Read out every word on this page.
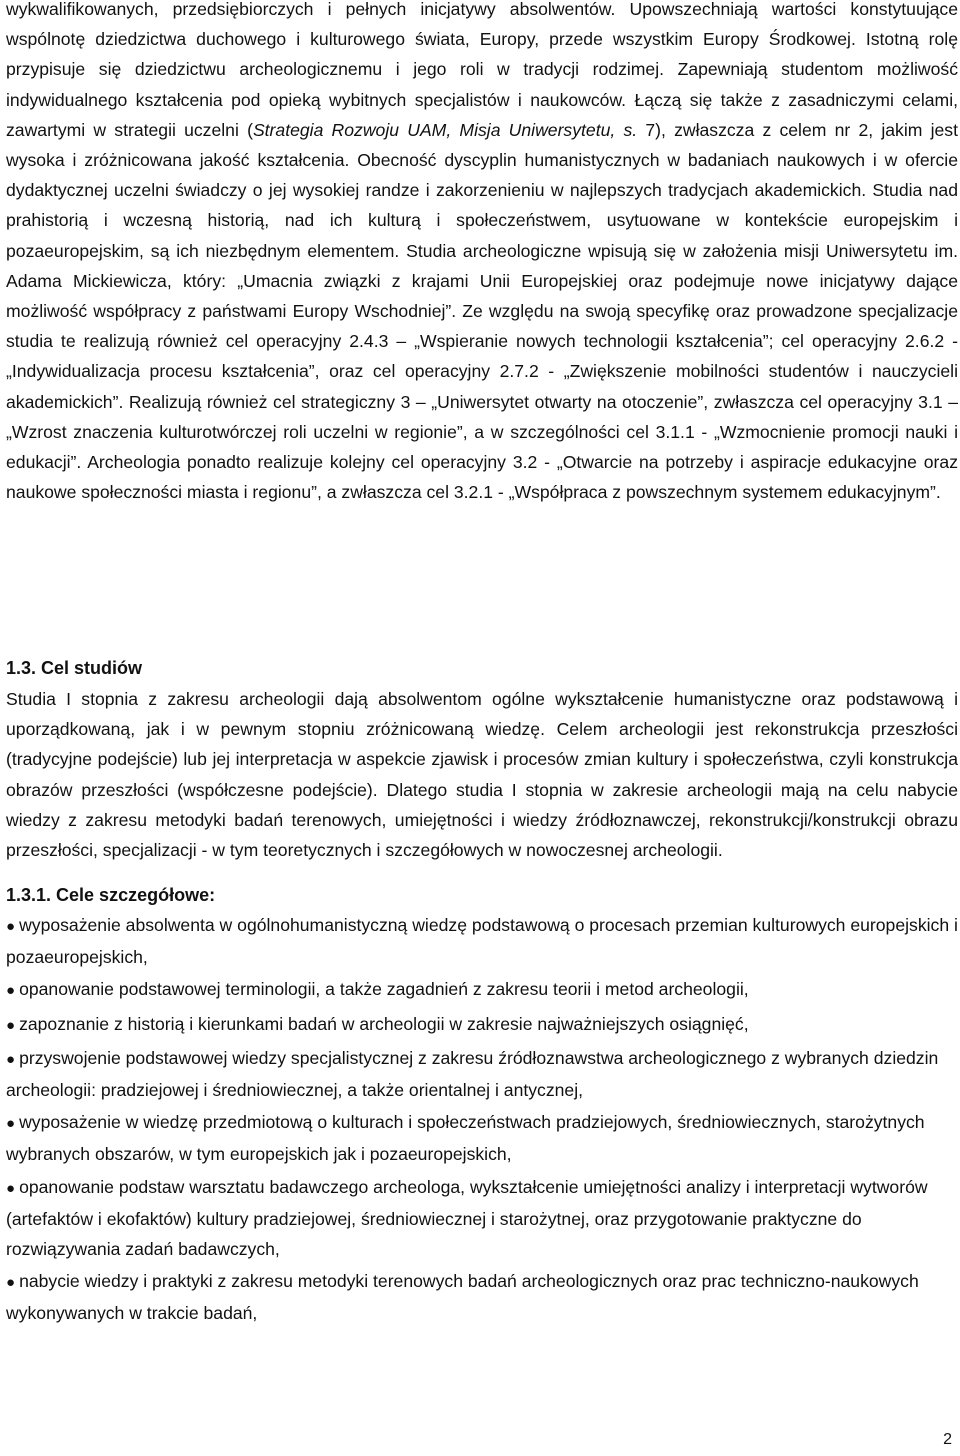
wykwalifikowanych, przedsiębiorczych i pełnych inicjatywy absolwentów. Upowszechniają wartości konstytuujące wspólnotę dziedzictwa duchowego i kulturowego świata, Europy, przede wszystkim Europy Środkowej. Istotną rolę przypisuje się dziedzictwu archeologicznemu i jego roli w tradycji rodzimej. Zapewniają studentom możliwość indywidualnego kształcenia pod opieką wybitnych specjalistów i naukowców. Łączą się także z zasadniczymi celami, zawartymi w strategii uczelni (Strategia Rozwoju UAM, Misja Uniwersytetu, s. 7), zwłaszcza z celem nr 2, jakim jest wysoka i zróżnicowana jakość kształcenia. Obecność dyscyplin humanistycznych w badaniach naukowych i w ofercie dydaktycznej uczelni świadczy o jej wysokiej randze i zakorzenieniu w najlepszych tradycjach akademickich. Studia nad prahistorią i wczesną historią, nad ich kulturą i społeczeństwem, usytuowane w kontekście europejskim i pozaeuropejskim, są ich niezbędnym elementem. Studia archeologiczne wpisują się w założenia misji Uniwersytetu im. Adama Mickiewicza, który: „Umacnia związki z krajami Unii Europejskiej oraz podejmuje nowe inicjatywy dające możliwość współpracy z państwami Europy Wschodniej”. Ze względu na swoją specyfikę oraz prowadzone specjalizacje studia te realizują również cel operacyjny 2.4.3 – „Wspieranie nowych technologii kształcenia”; cel operacyjny 2.6.2 - „Indywidualizacja procesu kształcenia”, oraz cel operacyjny 2.7.2 - „Zwiększenie mobilności studentów i nauczycieli akademickich”. Realizują również cel strategiczny 3 – „Uniwersytet otwarty na otoczenie”, zwłaszcza cel operacyjny 3.1 – „Wzrost znaczenia kulturotwórczej roli uczelni w regionie”, a w szczególności cel 3.1.1 - „Wzmocnienie promocji nauki i edukacji”. Archeologia ponadto realizuje kolejny cel operacyjny 3.2 - „Otwarcie na potrzeby i aspiracje edukacyjne oraz naukowe społeczności miasta i regionu”, a zwłaszcza cel 3.2.1 - „Współpraca z powszechnym systemem edukacyjnym”.

1.3. Cel studiów

Studia I stopnia z zakresu archeologii dają absolwentom ogólne wykształcenie humanistyczne oraz podstawową i uporządkowaną, jak i w pewnym stopniu zróżnicowaną wiedzę. Celem archeologii jest rekonstrukcja przeszłości (tradycyjne podejście) lub jej interpretacja w aspekcie zjawisk i procesów zmian kultury i społeczeństwa, czyli konstrukcja obrazów przeszłości (współczesne podejście). Dlatego studia I stopnia w zakresie archeologii mają na celu nabycie wiedzy z zakresu metodyki badań terenowych, umiejętności i wiedzy źródłoznawczej, rekonstrukcji/konstrukcji obrazu przeszłości, specjalizacji - w tym teoretycznych i szczegółowych w nowoczesnej archeologii.

1.3.1. Cele szczegółowe:
● wyposażenie absolwenta w ogólnohumanistyczną wiedzę podstawową o procesach przemian kulturowych europejskich i pozaeuropejskich,
● opanowanie podstawowej terminologii, a także zagadnień z zakresu teorii i metod archeologii,
● zapoznanie z historią i kierunkami badań w archeologii w zakresie najważniejszych osiągnięć,
● przyswojenie podstawowej wiedzy specjalistycznej z zakresu źródłoznawstwa archeologicznego z wybranych dziedzin archeologii: pradziejowej i średniowiecznej, a także orientalnej i antycznej,
● wyposażenie w wiedzę przedmiotową o kulturach i społeczeństwach pradziejowych, średniowiecznych, starożytnych wybranych obszarów, w tym europejskich jak i pozaeuropejskich,
● opanowanie podstaw warsztatu badawczego archeologa, wykształcenie umiejętności analizy i interpretacji wytworów (artefaktów i ekofaktów) kultury pradziejowej, średniowiecznej i starożytnej, oraz przygotowanie praktyczne do rozwiązywania zadań badawczych,
● nabycie wiedzy i praktyki z zakresu metodyki terenowych badań archeologicznych oraz prac techniczno-naukowych wykonywanych w trakcie badań,
2
